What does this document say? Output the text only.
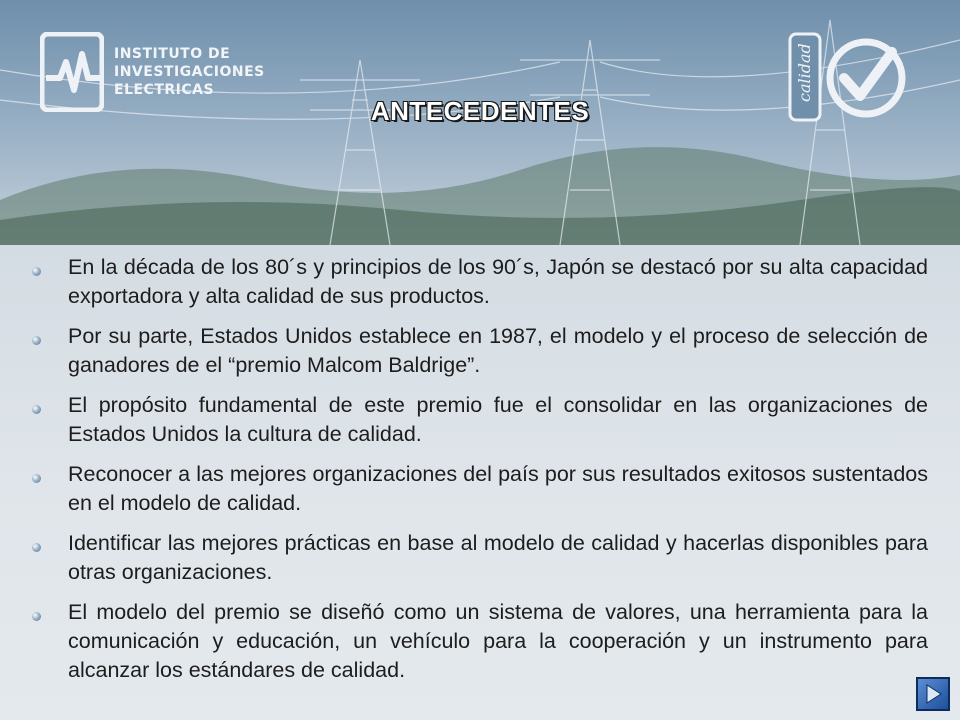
INSTITUTO DE
INVESTIGACIONES
ELECTRICAS
ANTECEDENTES
calidad
En la década de los 80´s y principios de los 90´s, Japón se destacó por su alta capacidad exportadora y alta calidad de sus productos.
Por su parte, Estados Unidos establece en 1987, el modelo y el proceso de selección de ganadores de el “premio Malcom Baldrige”.
El propósito fundamental de este premio fue el consolidar en las organizaciones de Estados Unidos la cultura de calidad.
Reconocer a las mejores organizaciones del país por sus resultados exitosos sustentados en el modelo de calidad.
Identificar las mejores prácticas en base al modelo de calidad y hacerlas disponibles para otras organizaciones.
El modelo del premio se diseñó como un sistema de valores, una herramienta para la comunicación y educación, un vehículo para la cooperación y un instrumento para alcanzar los estándares de calidad.
